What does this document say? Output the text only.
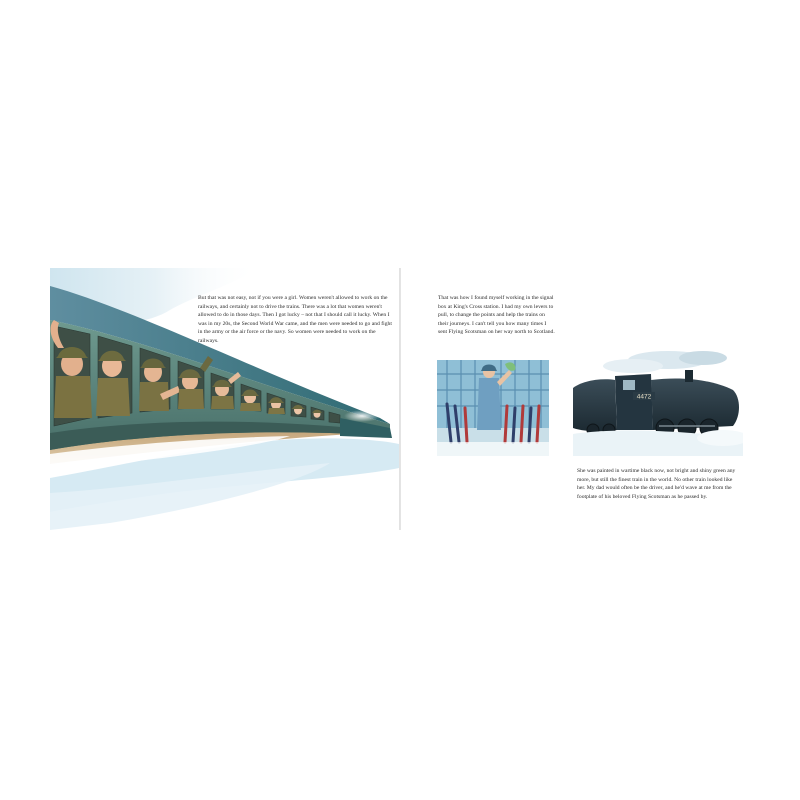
But that was not easy, not if you were a girl. Women weren't allowed to work on the railways, and certainly not to drive the trains. There was a lot that women weren't allowed to do in those days. Then I got lucky – not that I should call it lucky. When I was in my 20s, the Second World War came, and the men were needed to go and fight in the army or the air force or the navy. So women were needed to work on the railways.

That was how I found myself working in the signal box at King's Cross station. I had my own levers to pull, to change the points and help the trains on their journeys. I can't tell you how many times I sent Flying Scotsman on her way north to Scotland.

4472

She was painted in wartime black now, not bright and shiny green any more, but still the finest train in the world. No other train looked like her. My dad would often be the driver, and he'd wave at me from the footplate of his beloved Flying Scotsman as he passed by.
